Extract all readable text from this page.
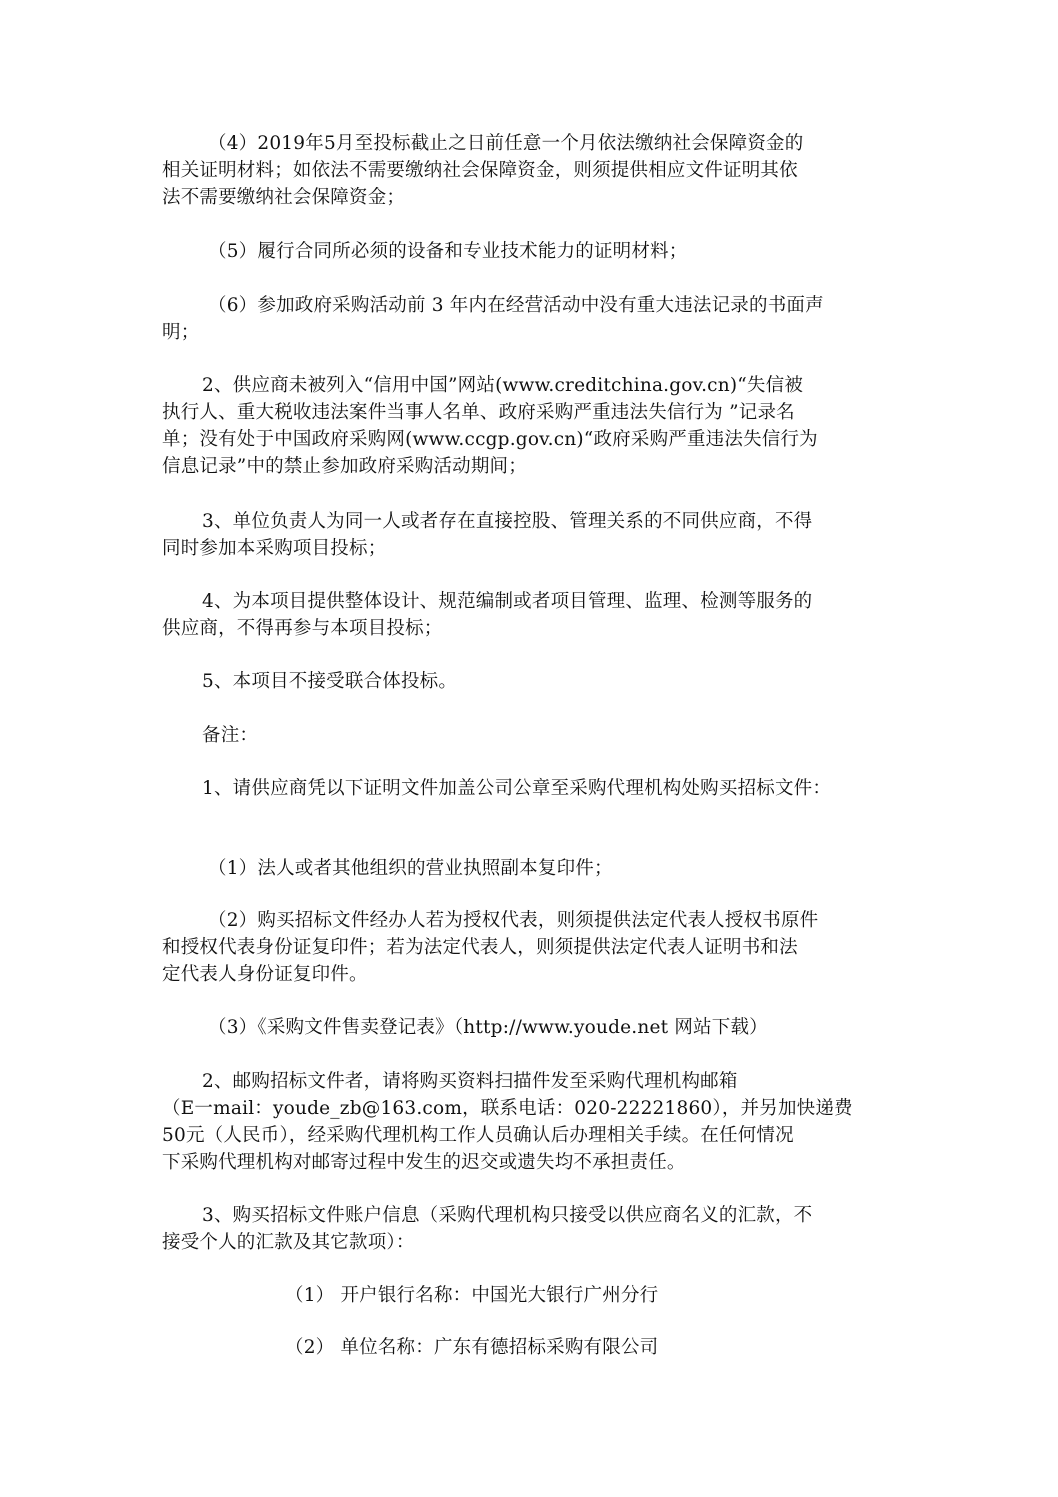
（4）2019年5月至投标截止之日前任意一个月依法缴纳社会保障资金的
相关证明材料；如依法不需要缴纳社会保障资金，则须提供相应文件证明其依
法不需要缴纳社会保障资金；
（5）履行合同所必须的设备和专业技术能力的证明材料；
（6）参加政府采购活动前 3 年内在经营活动中没有重大违法记录的书面声
明；
2、供应商未被列入“信用中国”网站(www.creditchina.gov.cn)“失信被
执行人、重大税收违法案件当事人名单、政府采购严重违法失信行为 ”记录名
单；没有处于中国政府采购网(www.ccgp.gov.cn)“政府采购严重违法失信行为
信息记录”中的禁止参加政府采购活动期间；
3、单位负责人为同一人或者存在直接控股、管理关系的不同供应商，不得
同时参加本采购项目投标；
4、为本项目提供整体设计、规范编制或者项目管理、监理、检测等服务的
供应商，不得再参与本项目投标；
5、本项目不接受联合体投标。
备注：
1、请供应商凭以下证明文件加盖公司公章至采购代理机构处购买招标文件：
（1）法人或者其他组织的营业执照副本复印件；
（2）购买招标文件经办人若为授权代表，则须提供法定代表人授权书原件
和授权代表身份证复印件；若为法定代表人，则须提供法定代表人证明书和法
定代表人身份证复印件。
（3）《采购文件售卖登记表》（http://www.youde.net 网站下载）
2、邮购招标文件者，请将购买资料扫描件发至采购代理机构邮箱
（E一mail：youde_zb@163.com，联系电话：020-22221860），并另加快递费
50元（人民币），经采购代理机构工作人员确认后办理相关手续。在任何情况
下采购代理机构对邮寄过程中发生的迟交或遗失均不承担责任。
3、购买招标文件账户信息（采购代理机构只接受以供应商名义的汇款，不
接受个人的汇款及其它款项）：
（1） 开户银行名称：中国光大银行广州分行
（2） 单位名称：广东有德招标采购有限公司
